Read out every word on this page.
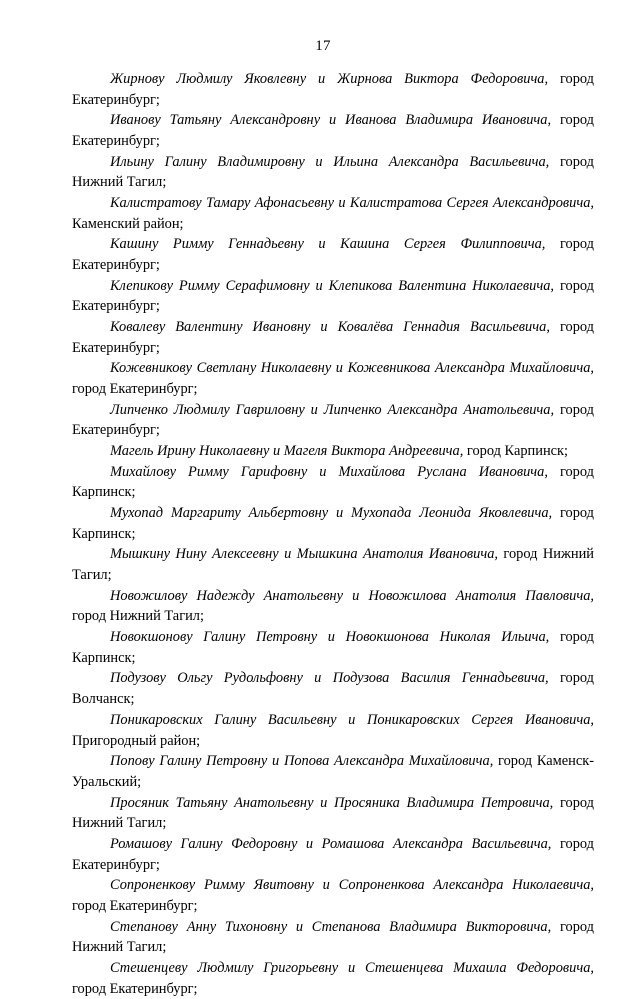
17

Жирнову Людмилу Яковлевну и Жирнова Виктора Федоровича, город Екатеринбург;

Иванову Татьяну Александровну и Иванова Владимира Ивановича, город Екатеринбург;

Ильину Галину Владимировну и Ильина Александра Васильевича, город Нижний Тагил;

Калистратову Тамару Афонасьевну и Калистратова Сергея Александровича, Каменский район;

Кашину Римму Геннадьевну и Кашина Сергея Филипповича, город Екатеринбург;

Клепикову Римму Серафимовну и Клепикова Валентина Николаевича, город Екатеринбург;

Ковалеву Валентину Ивановну и Ковалёва Геннадия Васильевича, город Екатеринбург;

Кожевникову Светлану Николаевну и Кожевникова Александра Михайловича, город Екатеринбург;

Липченко Людмилу Гавриловну и Липченко Александра Анатольевича, город Екатеринбург;

Магель Ирину Николаевну и Магеля Виктора Андреевича, город Карпинск;

Михайлову Римму Гарифовну и Михайлова Руслана Ивановича, город Карпинск;

Мухопад Маргариту Альбертовну и Мухопада Леонида Яковлевича, город Карпинск;

Мышкину Нину Алексеевну и Мышкина Анатолия Ивановича, город Нижний Тагил;

Новожилову Надежду Анатольевну и Новожилова Анатолия Павловича, город Нижний Тагил;

Новокшонову Галину Петровну и Новокшонова Николая Ильича, город Карпинск;

Подузову Ольгу Рудольфовну и Подузова Василия Геннадьевича, город Волчанск;

Поникаровских Галину Васильевну и Поникаровских Сергея Ивановича, Пригородный район;

Попову Галину Петровну и Попова Александра Михайловича, город Каменск-Уральский;

Просяник Татьяну Анатольевну и Просяника Владимира Петровича, город Нижний Тагил;

Ромашову Галину Федоровну и Ромашова Александра Васильевича, город Екатеринбург;

Сопроненкову Римму Явитовну и Сопроненкова Александра Николаевича, город Екатеринбург;

Степанову Анну Тихоновну и Степанова Владимира Викторовича, город Нижний Тагил;

Стешенцеву Людмилу Григорьевну и Стешенцева Михаила Федоровича, город Екатеринбург;
